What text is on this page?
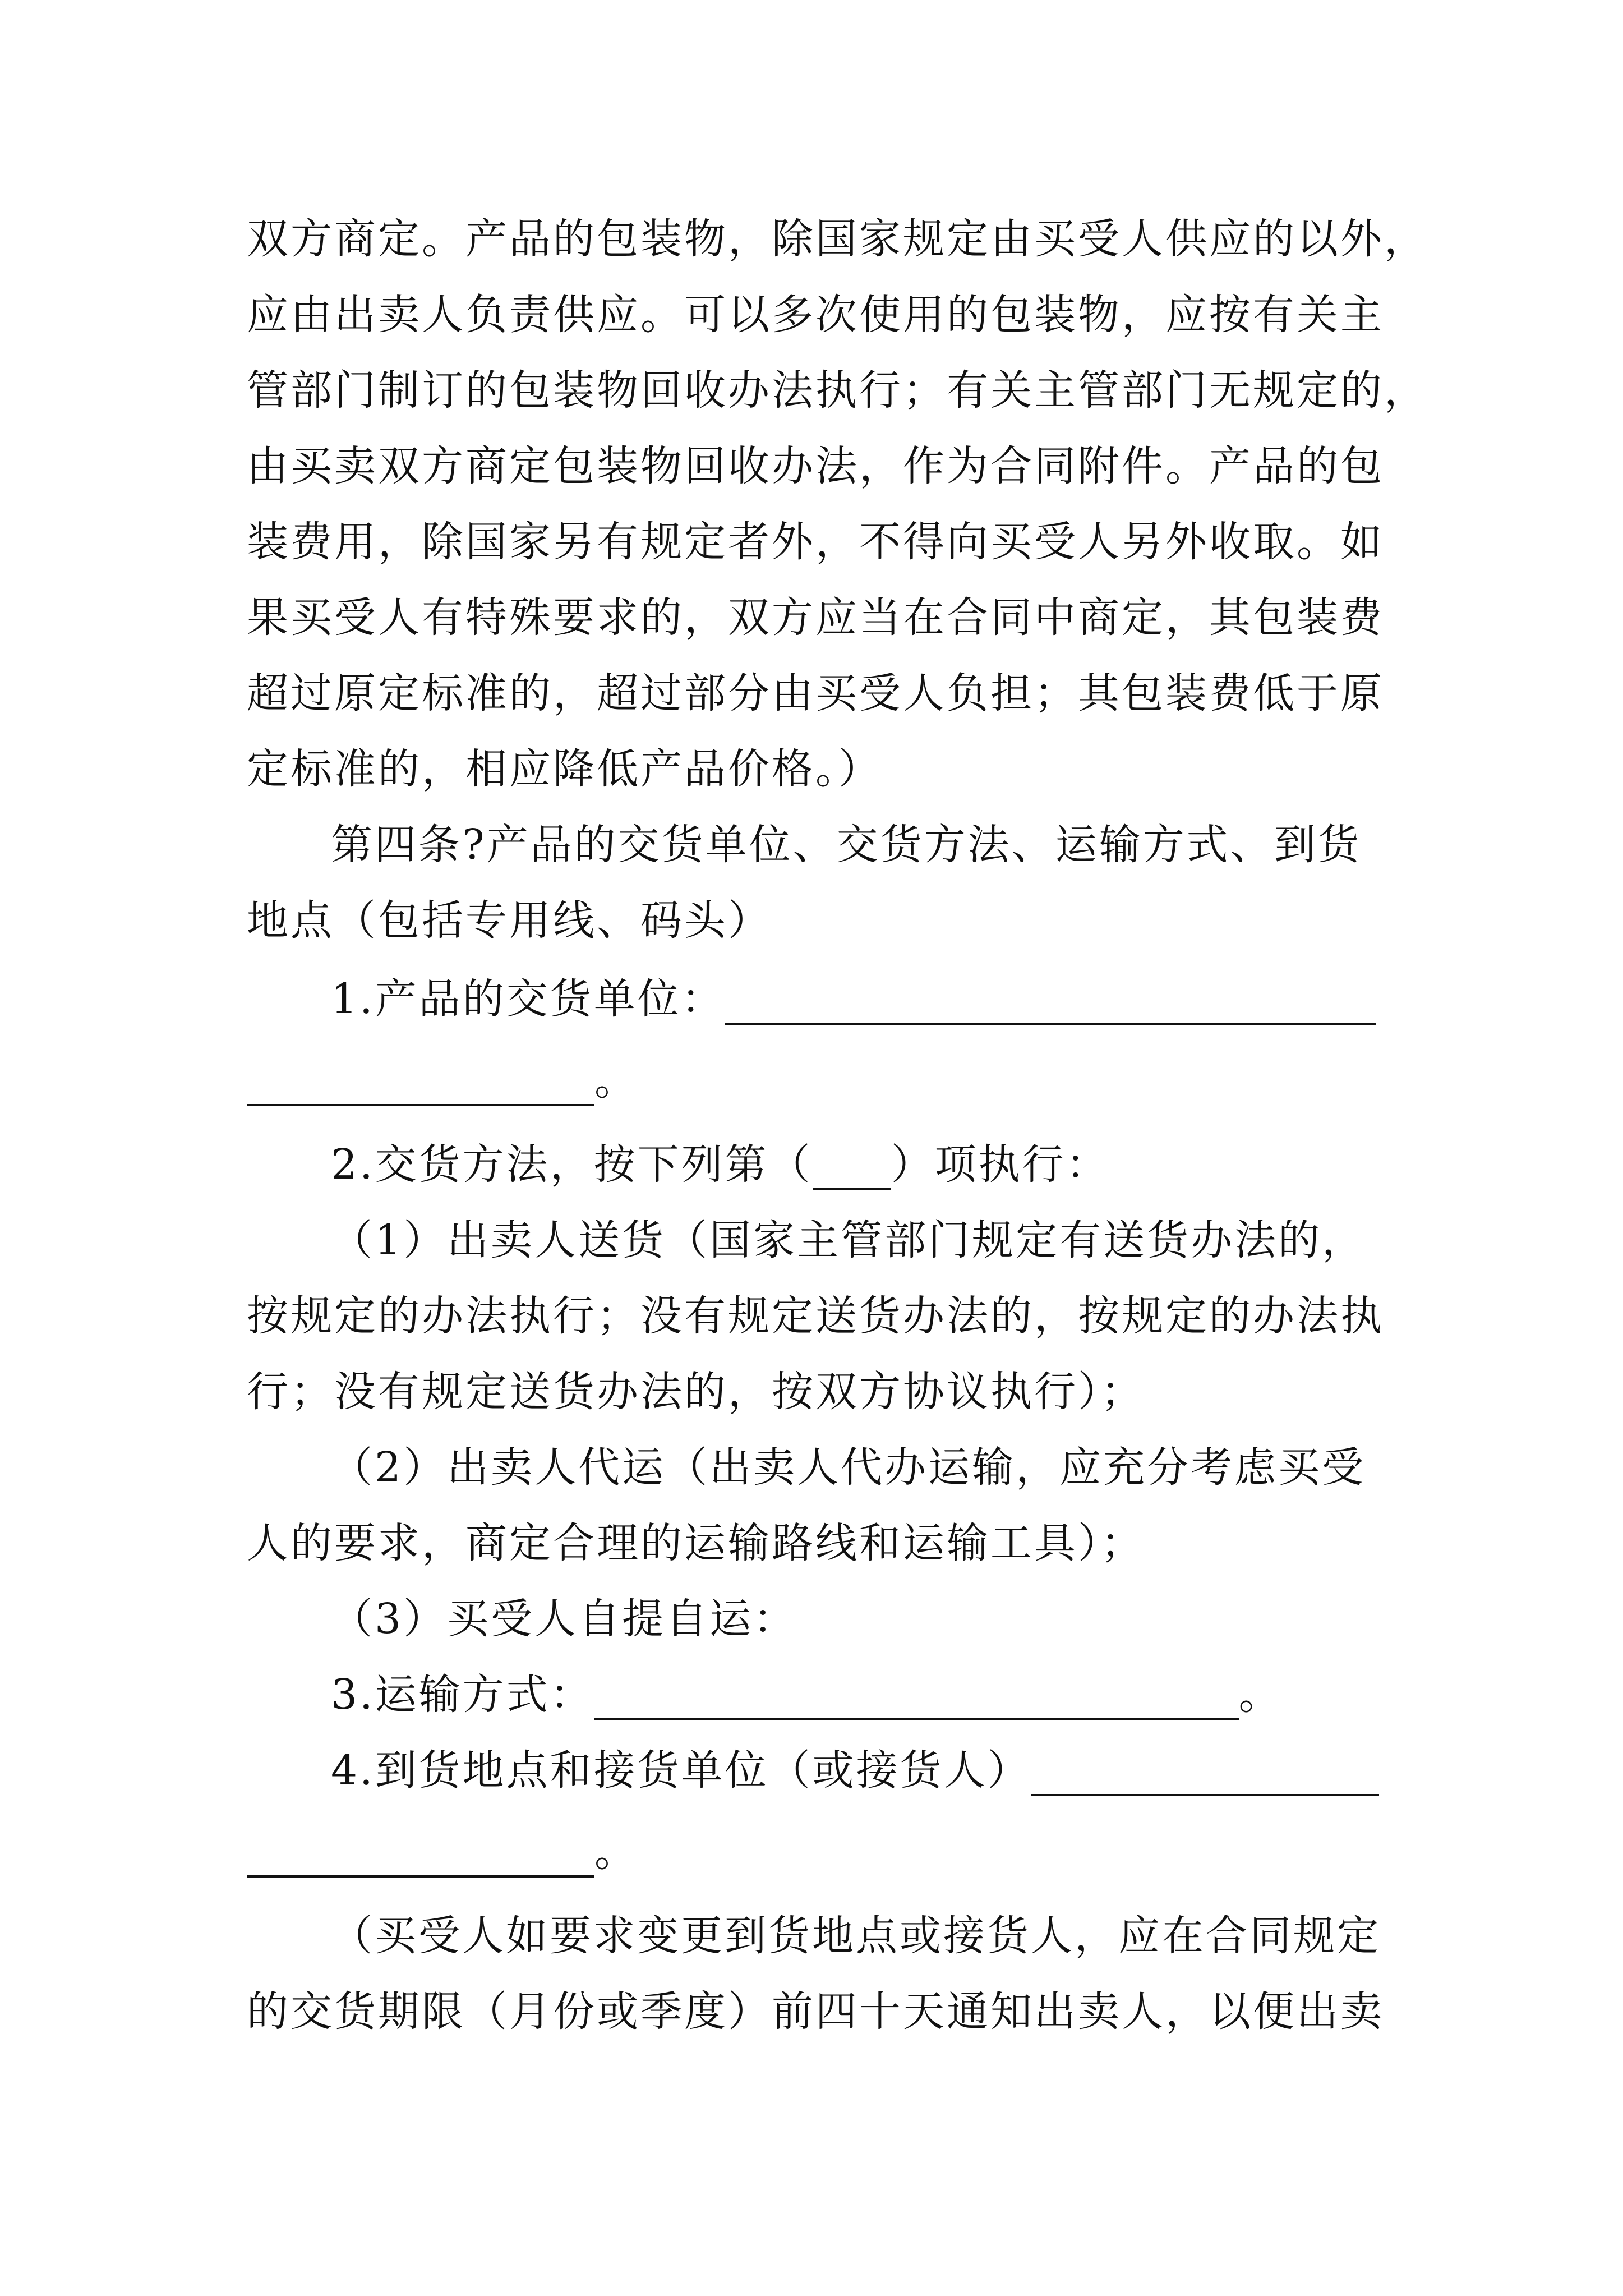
双方商定。产品的包装物，除国家规定由买受人供应的以外，
应由出卖人负责供应。可以多次使用的包装物，应按有关主
管部门制订的包装物回收办法执行；有关主管部门无规定的，
由买卖双方商定包装物回收办法，作为合同附件。产品的包
装费用，除国家另有规定者外，不得向买受人另外收取。如
果买受人有特殊要求的，双方应当在合同中商定，其包装费
超过原定标准的，超过部分由买受人负担；其包装费低于原
定标准的，相应降低产品价格。）
第四条?产品的交货单位、交货方法、运输方式、到货
地点（包括专用线、码头）
1.产品的交货单位：
。
2.交货方法，按下列第（ ）项执行：
（1）出卖人送货（国家主管部门规定有送货办法的，
按规定的办法执行；没有规定送货办法的，按规定的办法执
行；没有规定送货办法的，按双方协议执行）；
（2）出卖人代运（出卖人代办运输，应充分考虑买受
人的要求，商定合理的运输路线和运输工具）；
（3）买受人自提自运：
3.运输方式：	。
4.到货地点和接货单位（或接货人）
。
（买受人如要求变更到货地点或接货人，应在合同规定
的交货期限（月份或季度）前四十天通知出卖人，以便出卖
